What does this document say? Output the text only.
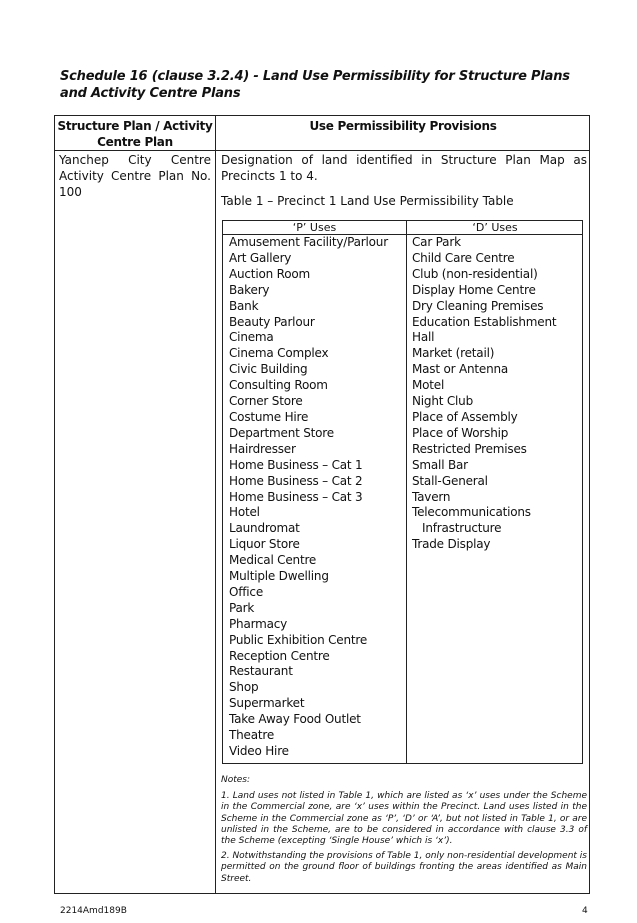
Schedule 16 (clause 3.2.4) - Land Use Permissibility for Structure Plans and Activity Centre Plans
Structure Plan / Activity Centre Plan
Use Permissibility Provisions
Yanchep City Centre Activity Centre Plan No. 100
Designation of land identified in Structure Plan Map as Precincts 1 to 4.
Table 1 – Precinct 1 Land Use Permissibility Table
‘P’ Uses	‘D’ Uses
Amusement Facility/Parlour
Art Gallery
Auction Room
Bakery
Bank
Beauty Parlour
Cinema
Cinema Complex
Civic Building
Consulting Room
Corner Store
Costume Hire
Department Store
Hairdresser
Home Business – Cat 1
Home Business – Cat 2
Home Business – Cat 3
Hotel
Laundromat
Liquor Store
Medical Centre
Multiple Dwelling
Office
Park
Pharmacy
Public Exhibition Centre
Reception Centre
Restaurant
Shop
Supermarket
Take Away Food Outlet
Theatre
Video Hire
Car Park
Child Care Centre
Club (non-residential)
Display Home Centre
Dry Cleaning Premises
Education Establishment
Hall
Market (retail)
Mast or Antenna
Motel
Night Club
Place of Assembly
Place of Worship
Restricted Premises
Small Bar
Stall-General
Tavern
Telecommunications Infrastructure
Trade Display

Notes:

1. Land uses not listed in Table 1, which are listed as ‘x’ uses under the Scheme in the Commercial zone, are ‘x’ uses within the Precinct. Land uses listed in the Scheme in the Commercial zone as ‘P’, ‘D’ or ‘A’, but not listed in Table 1, or are unlisted in the Scheme, are to be considered in accordance with clause 3.3 of the Scheme (excepting ‘Single House’ which is ‘x’).

2. Notwithstanding the provisions of Table 1, only non-residential development is permitted on the ground floor of buildings fronting the areas identified as Main Street.

2214Amd189B	4
